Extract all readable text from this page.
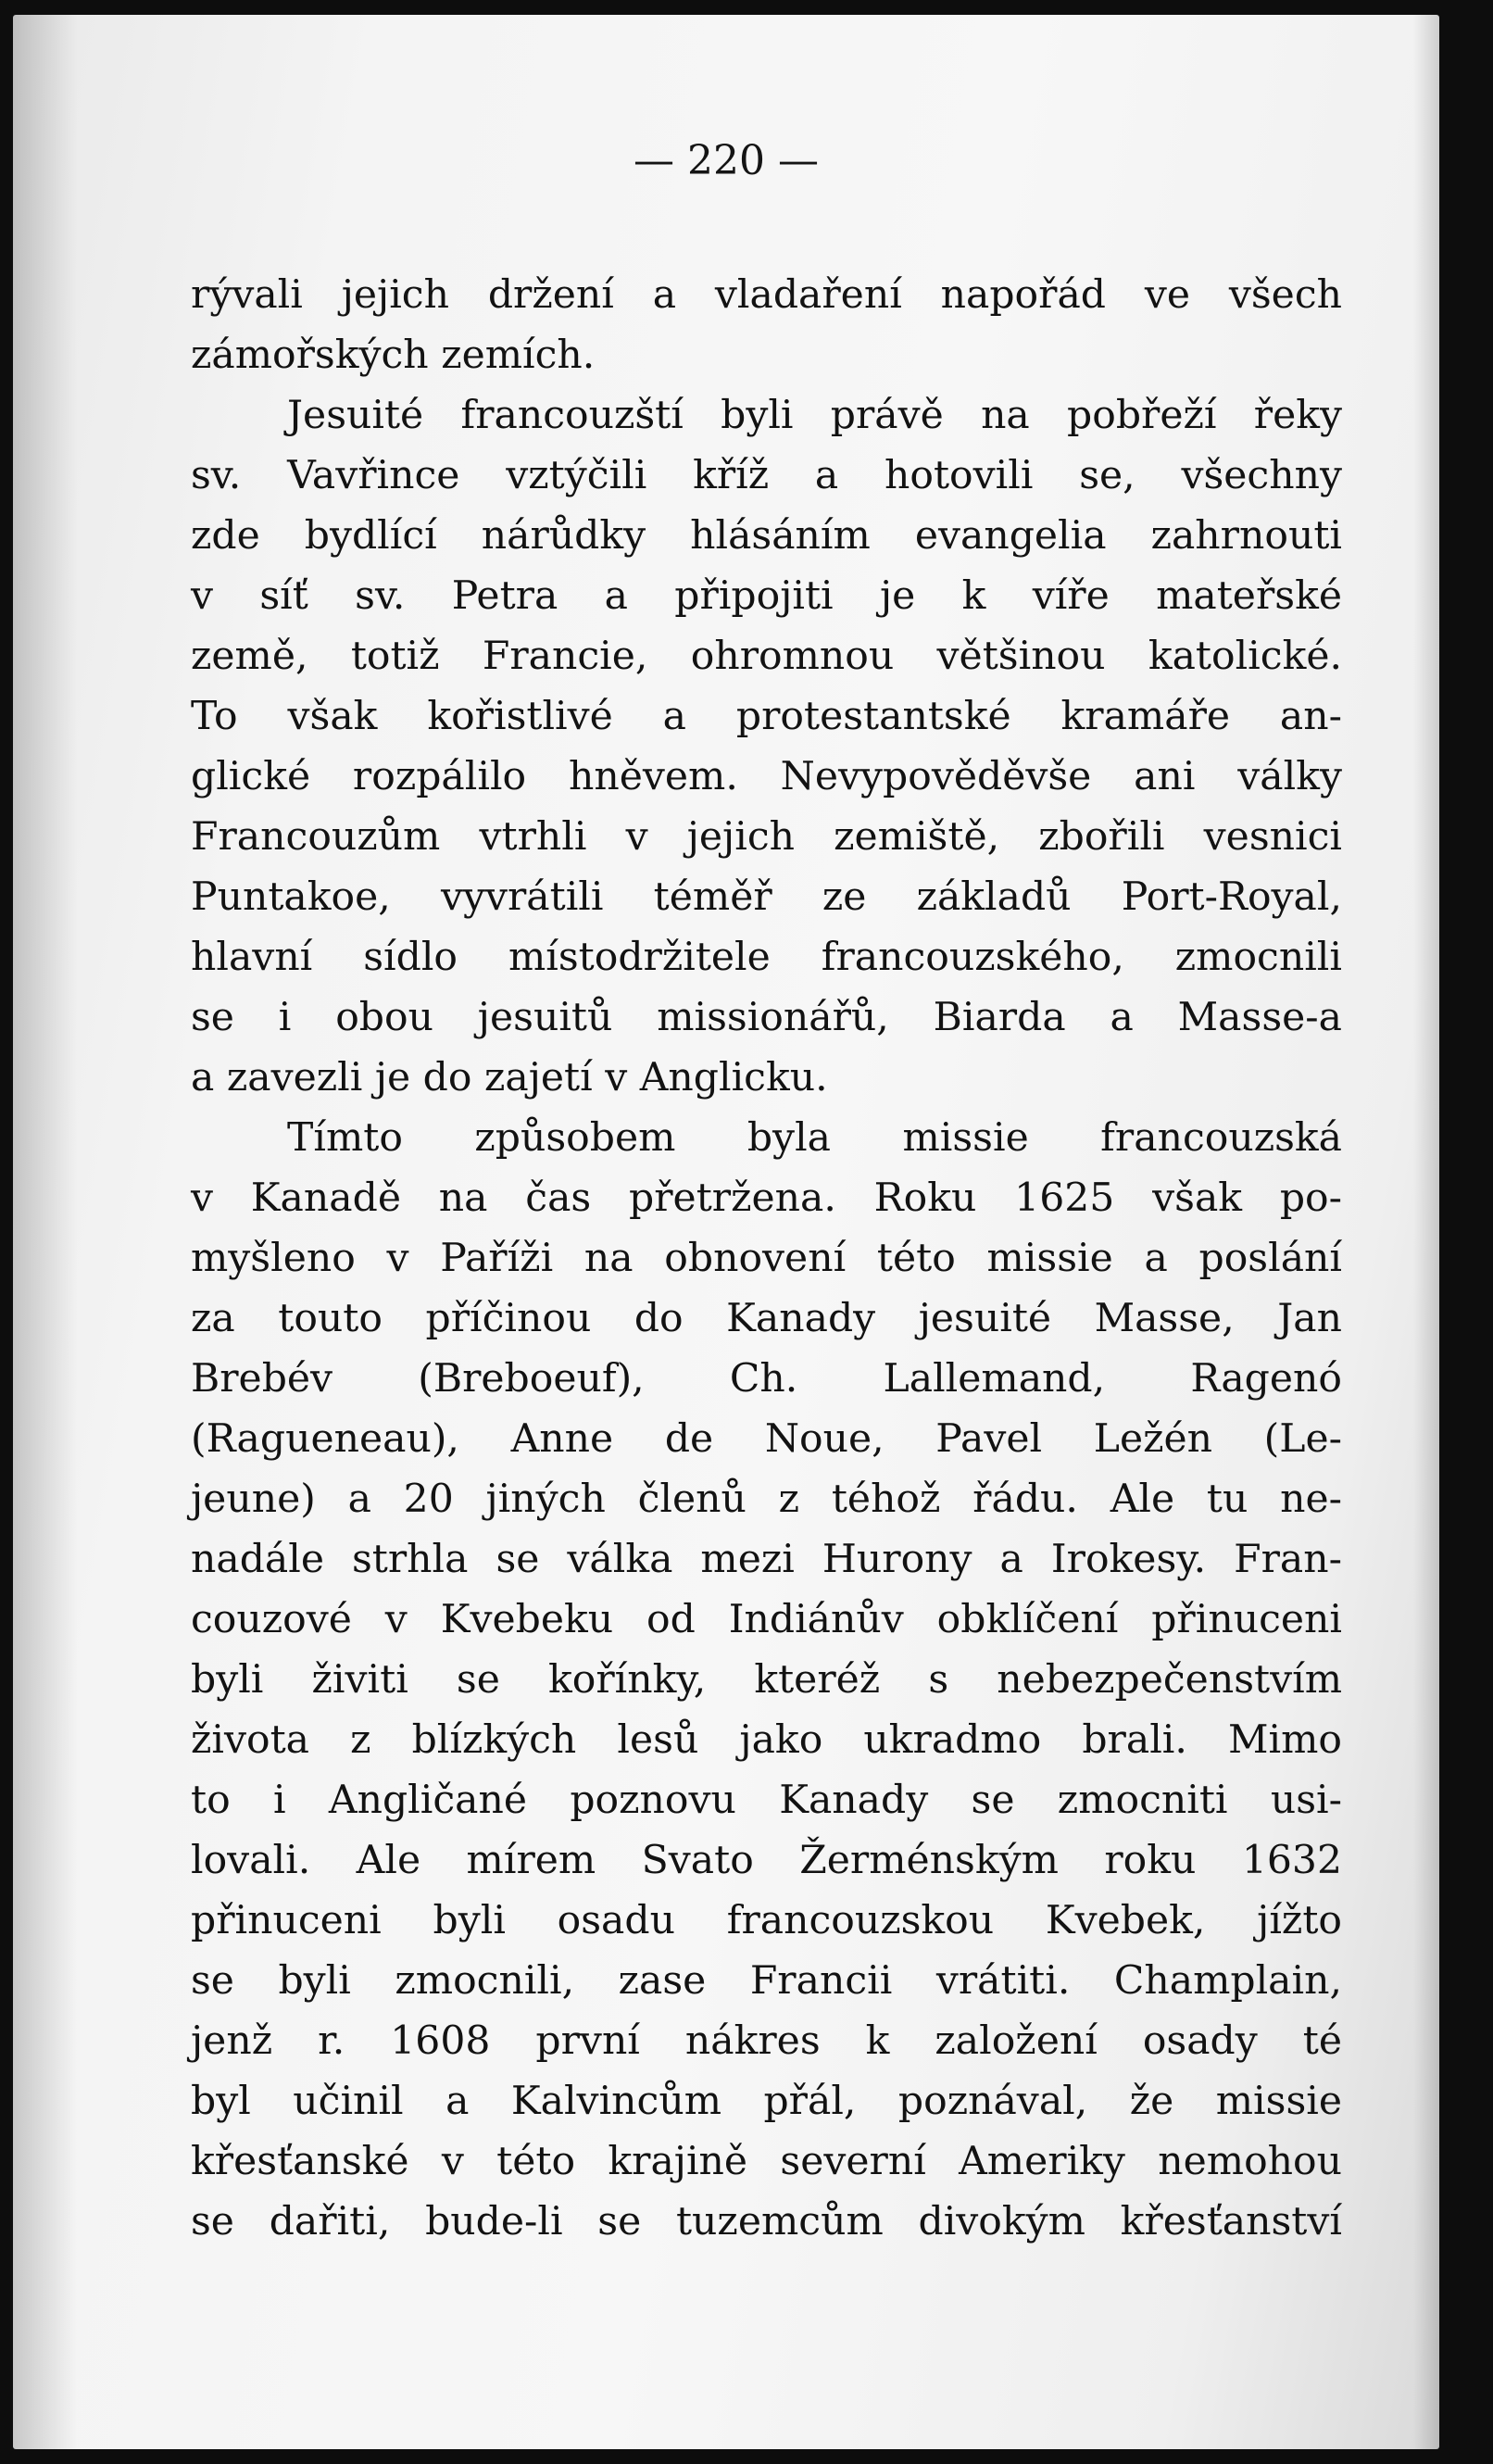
— 220 —
rývali jejich držení a vladaření napořád ve všech
zámořských zemích.
Jesuité francouzští byli právě na pobřeží řeky
sv. Vavřince vztýčili kříž a hotovili se, všechny
zde bydlící nárůdky hlásáním evangelia zahrnouti
v síť sv. Petra a připojiti je k víře mateřské
země, totiž Francie, ohromnou většinou katolické.
To však kořistlivé a protestantské kramáře an-
glické rozpálilo hněvem. Nevypověděvše ani války
Francouzům vtrhli v jejich zemiště, zbořili vesnici
Puntakoe, vyvrátili téměř ze základů Port-Royal,
hlavní sídlo místodržitele francouzského, zmocnili
se i obou jesuitů missionářů, Biarda a Masse-a
a zavezli je do zajetí v Anglicku.
Tímto způsobem byla missie francouzská
v Kanadě na čas přetržena. Roku 1625 však po-
myšleno v Paříži na obnovení této missie a poslání
za touto příčinou do Kanady jesuité Masse, Jan
Brebév (Breboeuf), Ch. Lallemand, Ragenó
(Ragueneau), Anne de Noue, Pavel Ležén (Le-
jeune) a 20 jiných členů z téhož řádu. Ale tu ne-
nadále strhla se válka mezi Hurony a Irokesy. Fran-
couzové v Kvebeku od Indiánův obklíčení přinuceni
byli živiti se kořínky, kteréž s nebezpečenstvím
života z blízkých lesů jako ukradmo brali. Mimo
to i Angličané poznovu Kanady se zmocniti usi-
lovali. Ale mírem Svato Žerménským roku 1632
přinuceni byli osadu francouzskou Kvebek, jížto
se byli zmocnili, zase Francii vrátiti. Champlain,
jenž r. 1608 první nákres k založení osady té
byl učinil a Kalvincům přál, poznával, že missie
křesťanské v této krajině severní Ameriky nemohou
se dařiti, bude-li se tuzemcům divokým křesťanství
